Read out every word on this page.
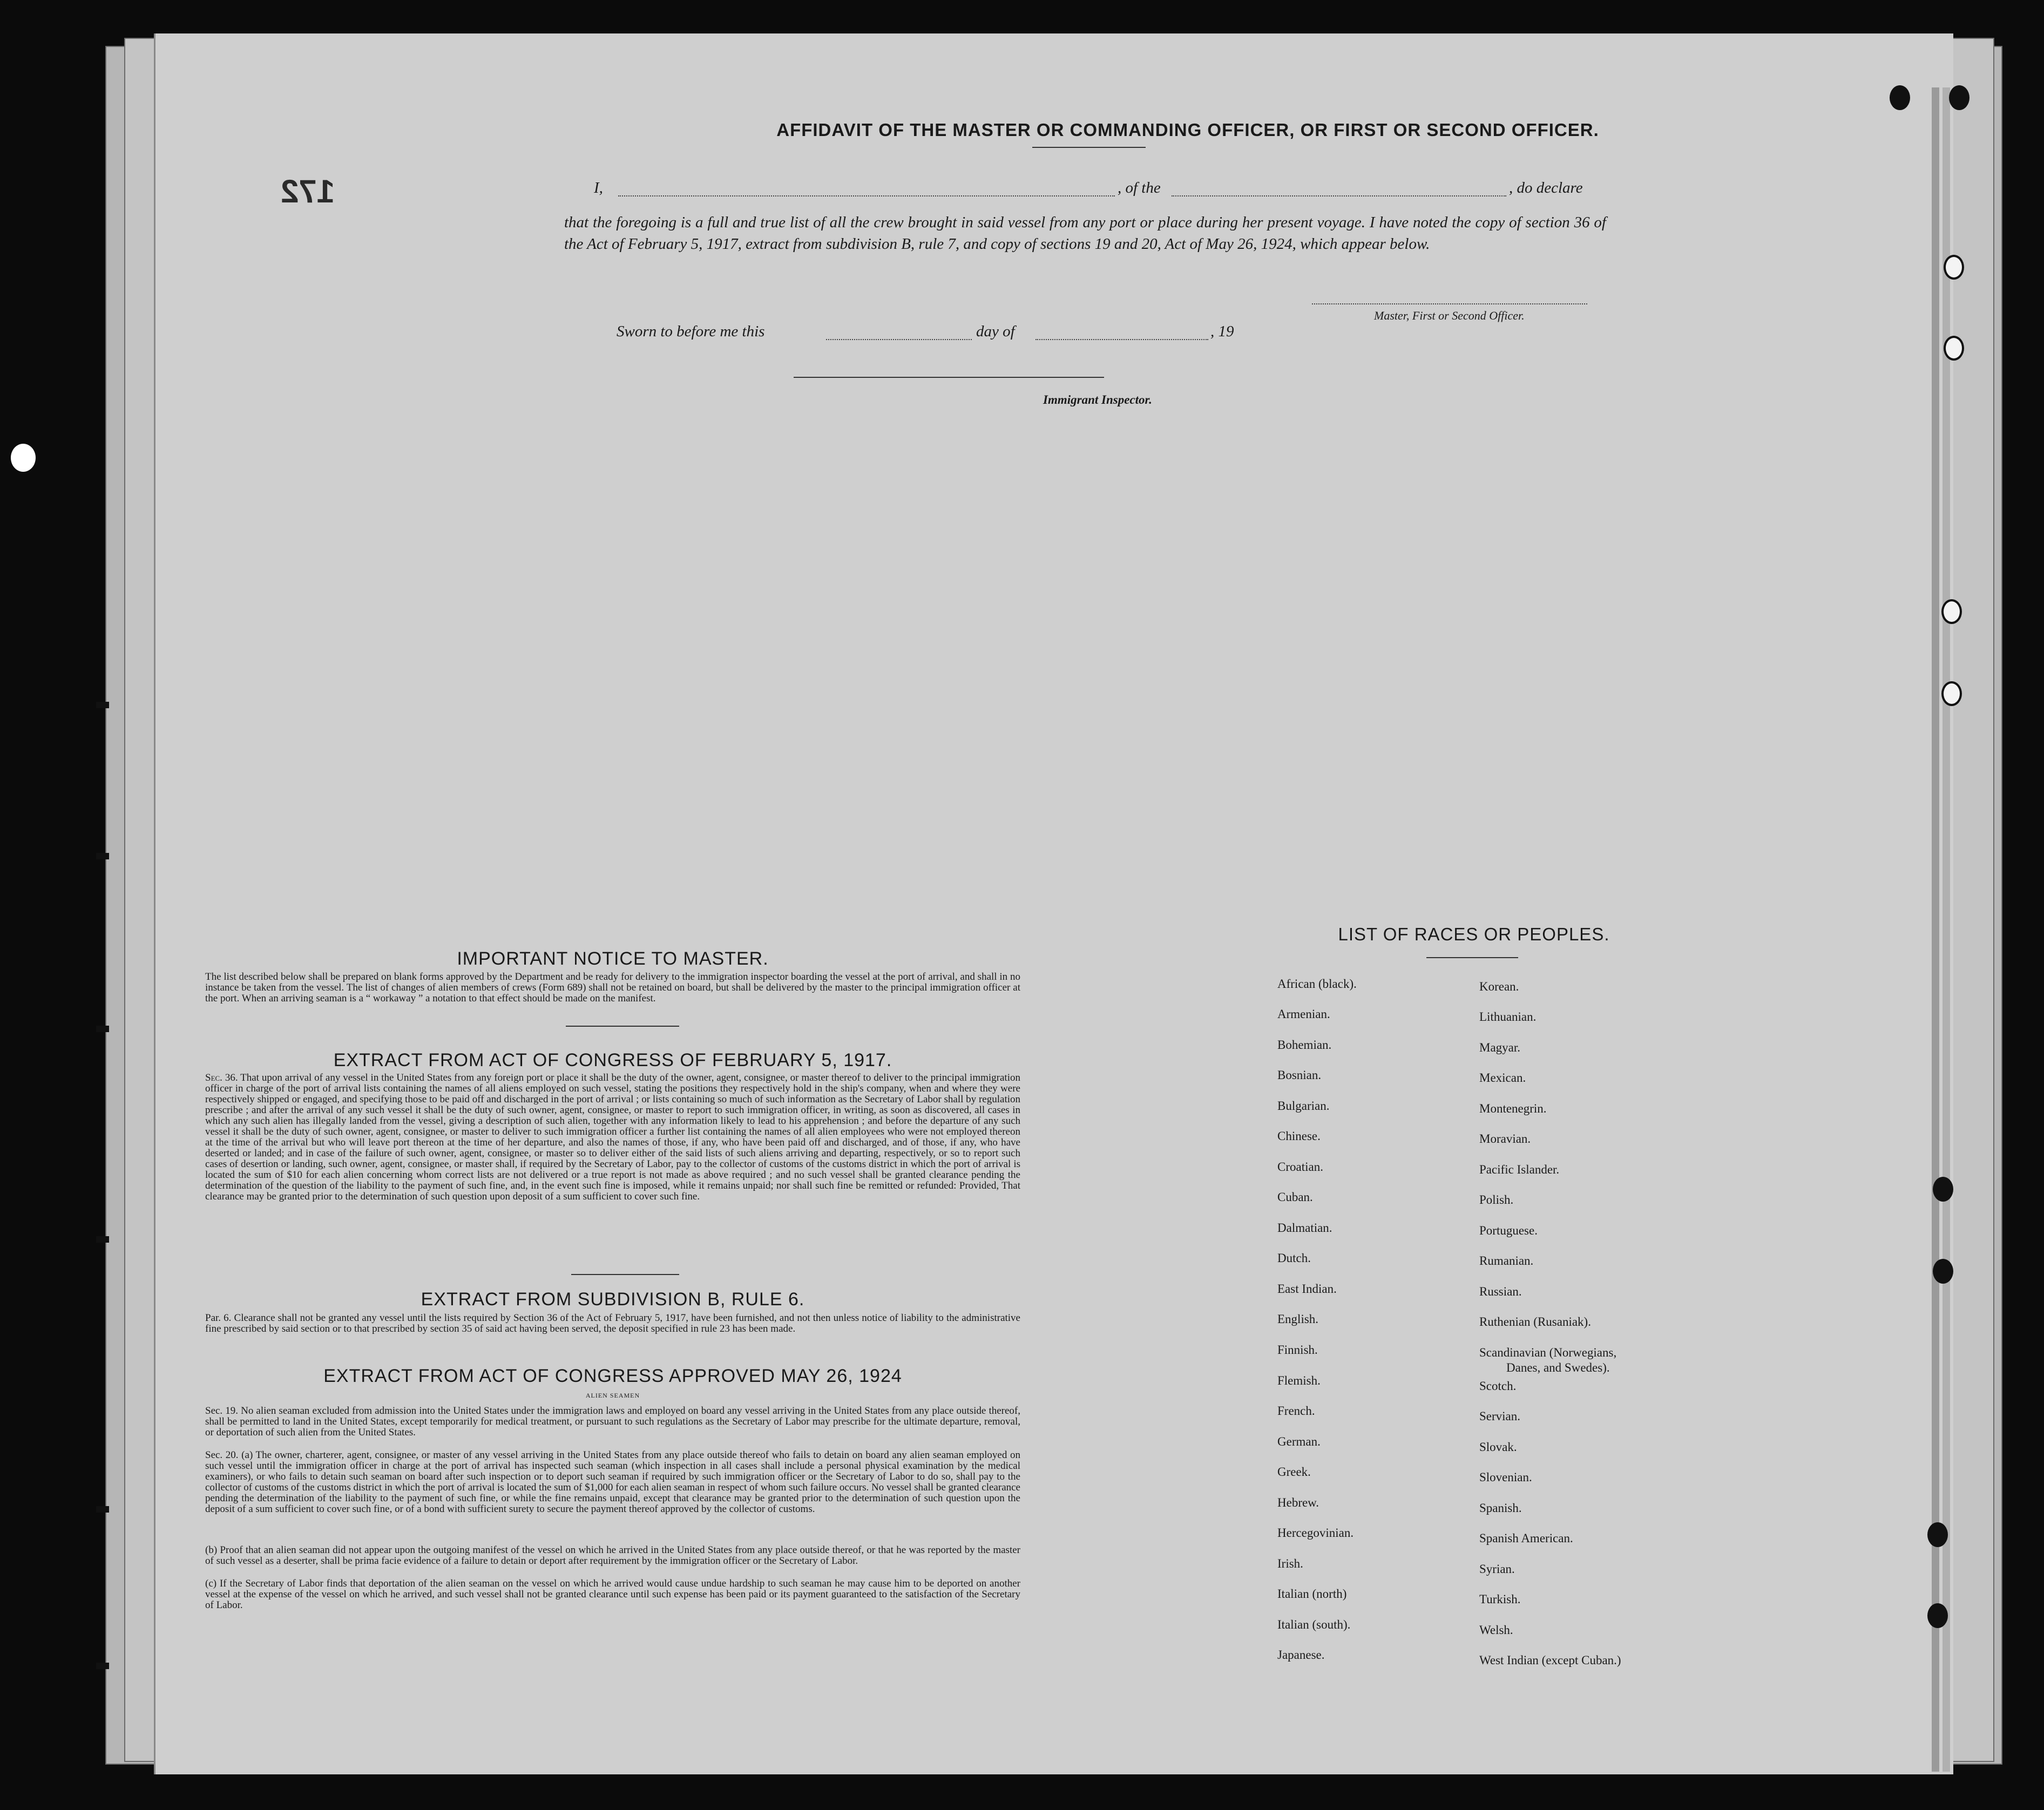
172
AFFIDAVIT OF THE MASTER OR COMMANDING OFFICER, OR FIRST OR SECOND OFFICER.
I,	, of the	, do declare
that the foregoing is a full and true list of all the crew brought in said vessel from any port or place during her present voyage. I have noted the copy of section 36 of the Act of February 5, 1917, extract from subdivision B, rule 7, and copy of sections 19 and 20, Act of May 26, 1924, which appear below.
Master, First or Second Officer.
Sworn to before me this	day of	, 19
Immigrant Inspector.
IMPORTANT NOTICE TO MASTER.
The list described below shall be prepared on blank forms approved by the Department and be ready for delivery to the immigration inspector boarding the vessel at the port of arrival, and shall in no instance be taken from the vessel. The list of changes of alien members of crews (Form 689) shall not be retained on board, but shall be delivered by the master to the principal immigration officer at the port. When an arriving seaman is a “ workaway ” a notation to that effect should be made on the manifest.
EXTRACT FROM ACT OF CONGRESS OF FEBRUARY 5, 1917.
Sec. 36. That upon arrival of any vessel in the United States from any foreign port or place it shall be the duty of the owner, agent, consignee, or master thereof to deliver to the principal immigration officer in charge of the port of arrival lists containing the names of all aliens employed on such vessel, stating the positions they respectively hold in the ship's company, when and where they were respectively shipped or engaged, and specifying those to be paid off and discharged in the port of arrival ; or lists containing so much of such information as the Secretary of Labor shall by regulation prescribe ; and after the arrival of any such vessel it shall be the duty of such owner, agent, consignee, or master to report to such immigration officer, in writing, as soon as discovered, all cases in which any such alien has illegally landed from the vessel, giving a description of such alien, together with any information likely to lead to his apprehension ; and before the departure of any such vessel it shall be the duty of such owner, agent, consignee, or master to deliver to such immigration officer a further list containing the names of all alien employees who were not employed thereon at the time of the arrival but who will leave port thereon at the time of her departure, and also the names of those, if any, who have been paid off and discharged, and of those, if any, who have deserted or landed; and in case of the failure of such owner, agent, consignee, or master so to deliver either of the said lists of such aliens arriving and departing, respectively, or so to report such cases of desertion or landing, such owner, agent, consignee, or master shall, if required by the Secretary of Labor, pay to the collector of customs of the customs district in which the port of arrival is located the sum of $10 for each alien concerning whom correct lists are not delivered or a true report is not made as above required ; and no such vessel shall be granted clearance pending the determination of the question of the liability to the payment of such fine, and, in the event such fine is imposed, while it remains unpaid; nor shall such fine be remitted or refunded: Provided, That clearance may be granted prior to the determination of such question upon deposit of a sum sufficient to cover such fine.
EXTRACT FROM SUBDIVISION B, RULE 6.
Par. 6. Clearance shall not be granted any vessel until the lists required by Section 36 of the Act of February 5, 1917, have been furnished, and not then unless notice of liability to the administrative fine prescribed by said section or to that prescribed by section 35 of said act having been served, the deposit specified in rule 23 has been made.
EXTRACT FROM ACT OF CONGRESS APPROVED MAY 26, 1924
ALIEN SEAMEN
Sec. 19. No alien seaman excluded from admission into the United States under the immigration laws and employed on board any vessel arriving in the United States from any place outside thereof, shall be permitted to land in the United States, except temporarily for medical treatment, or pursuant to such regulations as the Secretary of Labor may prescribe for the ultimate departure, removal, or deportation of such alien from the United States.
Sec. 20. (a) The owner, charterer, agent, consignee, or master of any vessel arriving in the United States from any place outside thereof who fails to detain on board any alien seaman employed on such vessel until the immigration officer in charge at the port of arrival has inspected such seaman (which inspection in all cases shall include a personal physical examination by the medical examiners), or who fails to detain such seaman on board after such inspection or to deport such seaman if required by such immigration officer or the Secretary of Labor to do so, shall pay to the collector of customs of the customs district in which the port of arrival is located the sum of $1,000 for each alien seaman in respect of whom such failure occurs. No vessel shall be granted clearance pending the determination of the liability to the payment of such fine, or while the fine remains unpaid, except that clearance may be granted prior to the determination of such question upon the deposit of a sum sufficient to cover such fine, or of a bond with sufficient surety to secure the payment thereof approved by the collector of customs.
(b) Proof that an alien seaman did not appear upon the outgoing manifest of the vessel on which he arrived in the United States from any place outside thereof, or that he was reported by the master of such vessel as a deserter, shall be prima facie evidence of a failure to detain or deport after requirement by the immigration officer or the Secretary of Labor.
(c) If the Secretary of Labor finds that deportation of the alien seaman on the vessel on which he arrived would cause undue hardship to such seaman he may cause him to be deported on another vessel at the expense of the vessel on which he arrived, and such vessel shall not be granted clearance until such expense has been paid or its payment guaranteed to the satisfaction of the Secretary of Labor.
LIST OF RACES OR PEOPLES.
African (black).
Armenian.
Bohemian.
Bosnian.
Bulgarian.
Chinese.
Croatian.
Cuban.
Dalmatian.
Dutch.
East Indian.
English.
Finnish.
Flemish.
French.
German.
Greek.
Hebrew.
Hercegovinian.
Irish.
Italian (north)
Italian (south).
Japanese.
Korean.
Lithuanian.
Magyar.
Mexican.
Montenegrin.
Moravian.
Pacific Islander.
Polish.
Portuguese.
Rumanian.
Russian.
Ruthenian (Rusaniak).
Scandinavian (Norwegians,
Danes, and Swedes).
Scotch.
Servian.
Slovak.
Slovenian.
Spanish.
Spanish American.
Syrian.
Turkish.
Welsh.
West Indian (except Cuban.)
